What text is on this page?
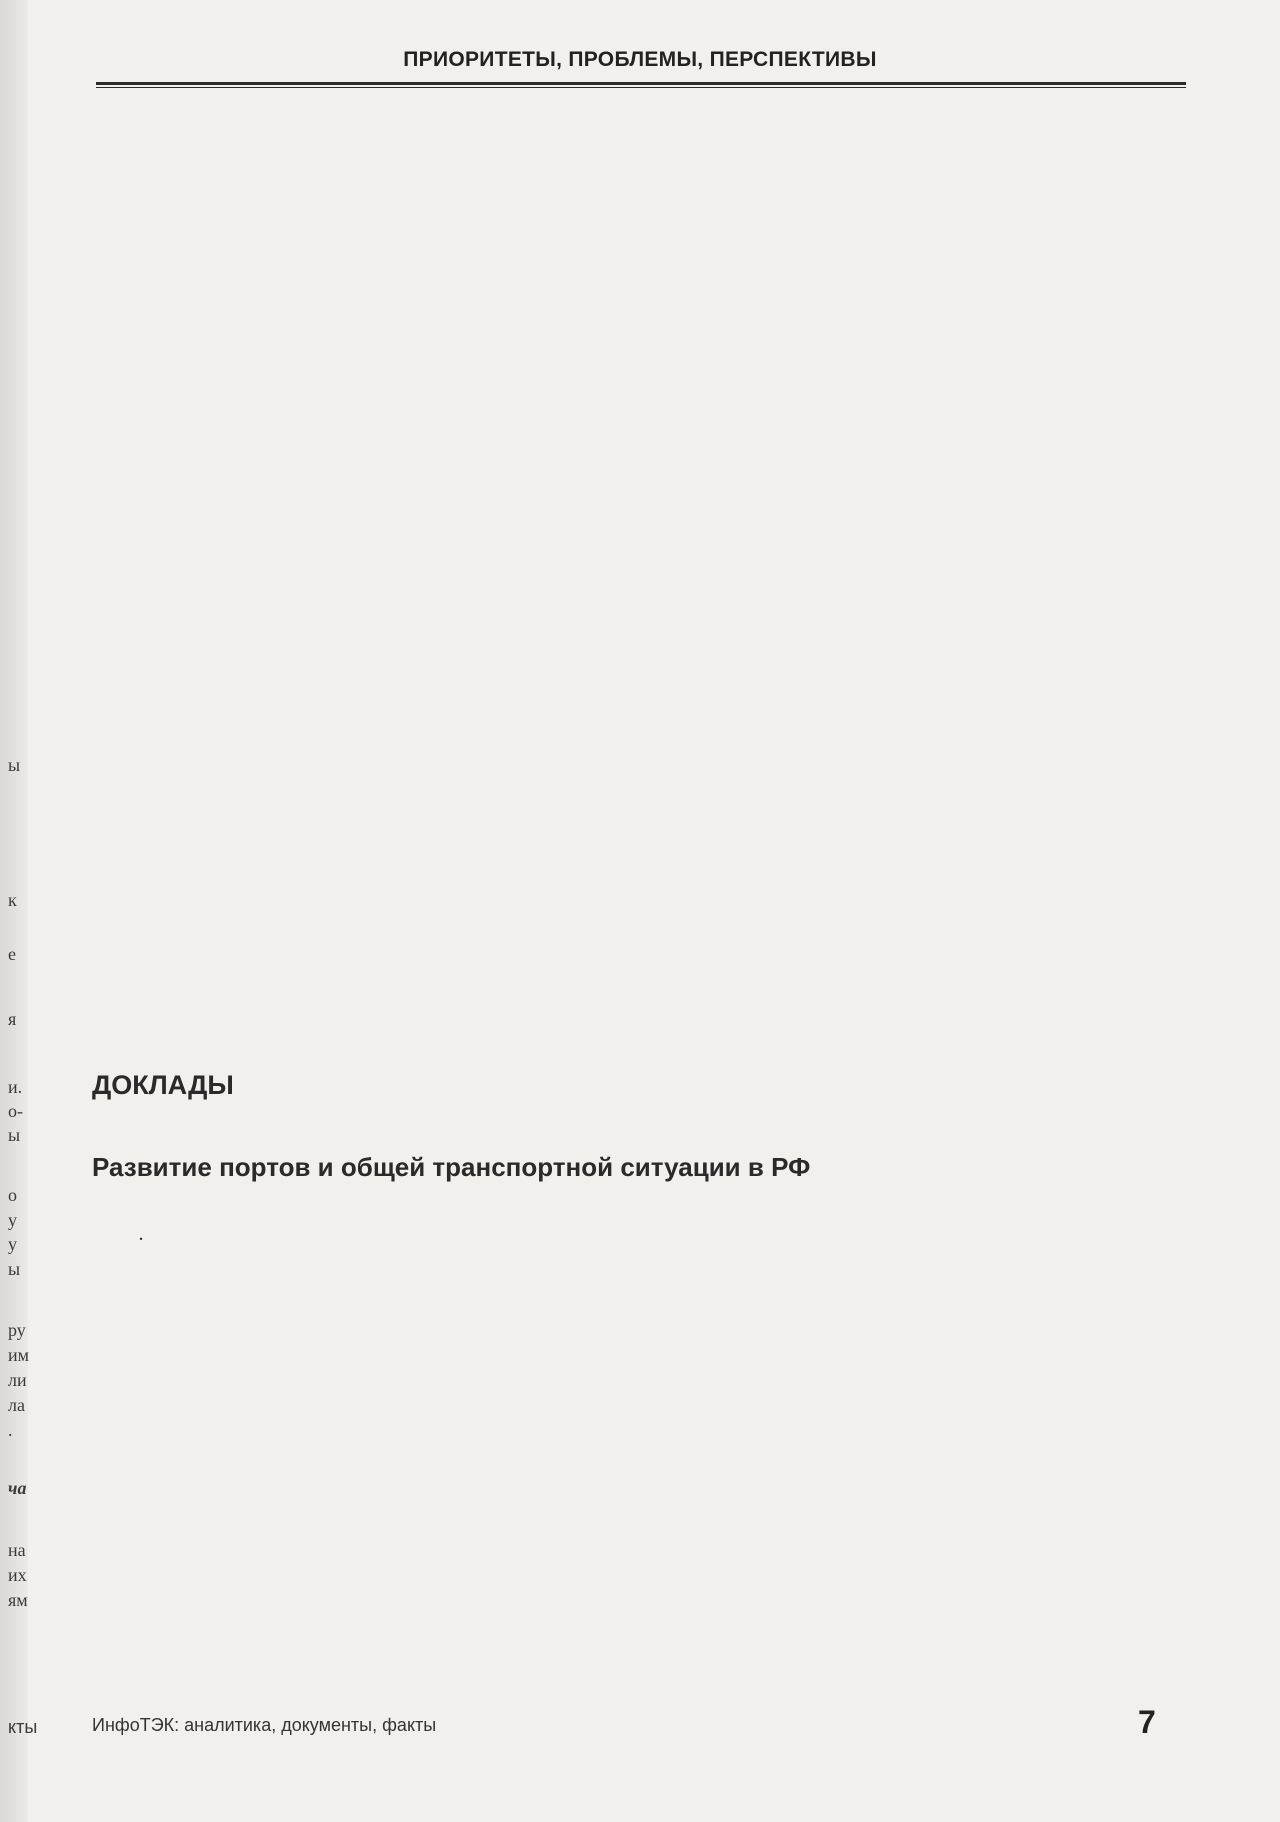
ы
к
е
я
и.
о-
ы
о
у
у
ы
ру
им
ли
ла
.
ча
на
их
ям
кты
ПРИОРИТЕТЫ, ПРОБЛЕМЫ, ПЕРСПЕКТИВЫ

ДОКЛАДЫ
Развитие портов и общей транспортной ситуации в РФ

.

ИнфоТЭК: аналитика, документы, факты	7
